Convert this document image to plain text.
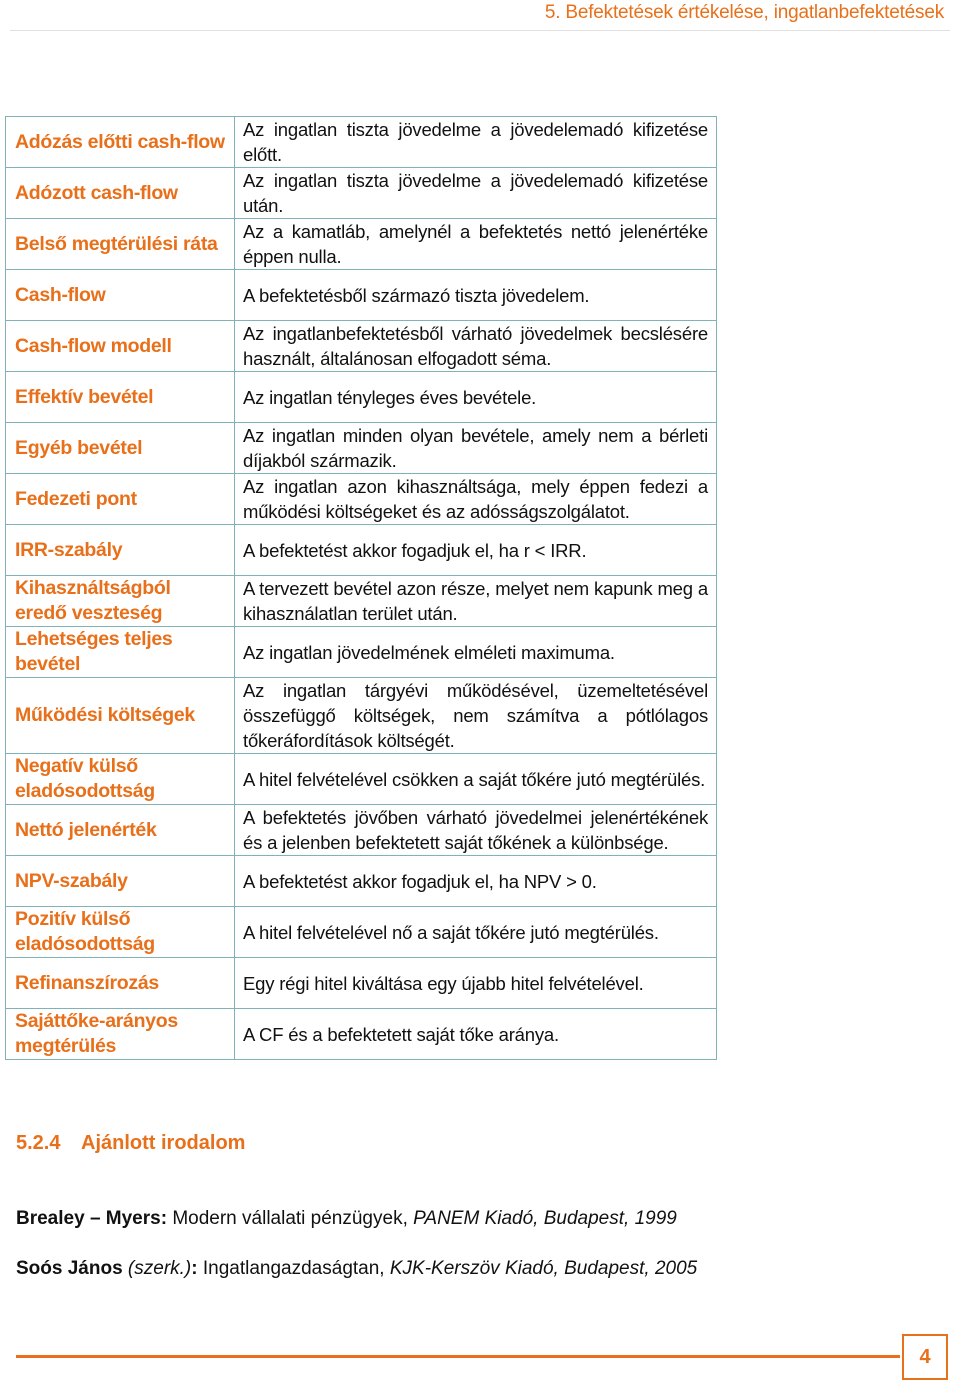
5. Befektetések értékelése, ingatlanbefektetések
Adózás előtti cash-flow	Az ingatlan tiszta jövedelme a jövedelemadó kifizetése előtt.
Adózott cash-flow	Az ingatlan tiszta jövedelme a jövedelemadó kifizetése után.
Belső megtérülési ráta	Az a kamatláb, amelynél a befektetés nettó jelenértéke éppen nulla.
Cash-flow	A befektetésből származó tiszta jövedelem.
Cash-flow modell	Az ingatlanbefektetésből várható jövedelmek becslésére használt, általánosan elfogadott séma.
Effektív bevétel	Az ingatlan tényleges éves bevétele.
Egyéb bevétel	Az ingatlan minden olyan bevétele, amely nem a bérleti díjakból származik.
Fedezeti pont	Az ingatlan azon kihasználtsága, mely éppen fedezi a működési költségeket és az adósságszolgálatot.
IRR-szabály	A befektetést akkor fogadjuk el, ha r < IRR.
Kihasználtságból eredő veszteség	A tervezett bevétel azon része, melyet nem kapunk meg a kihasználatlan terület után.
Lehetséges teljes bevétel	Az ingatlan jövedelmének elméleti maximuma.
Működési költségek	Az ingatlan tárgyévi működésével, üzemeltetésével összefüggő költségek, nem számítva a pótlólagos tőkeráfordítások költségét.
Negatív külső eladósodottság	A hitel felvételével csökken a saját tőkére jutó megtérülés.
Nettó jelenérték	A befektetés jövőben várható jövedelmei jelenértékének és a jelenben befektetett saját tőkének a különbsége.
NPV-szabály	A befektetést akkor fogadjuk el, ha NPV > 0.
Pozitív külső eladósodottság	A hitel felvételével nő a saját tőkére jutó megtérülés.
Refinanszírozás	Egy régi hitel kiváltása egy újabb hitel felvételével.
Sajáttőke-arányos megtérülés	A CF és a befektetett saját tőke aránya.
5.2.4 Ajánlott irodalom
Brealey – Myers: Modern vállalati pénzügyek, PANEM Kiadó, Budapest, 1999
Soós János (szerk.): Ingatlangazdaságtan, KJK-Kerszöv Kiadó, Budapest, 2005
4
